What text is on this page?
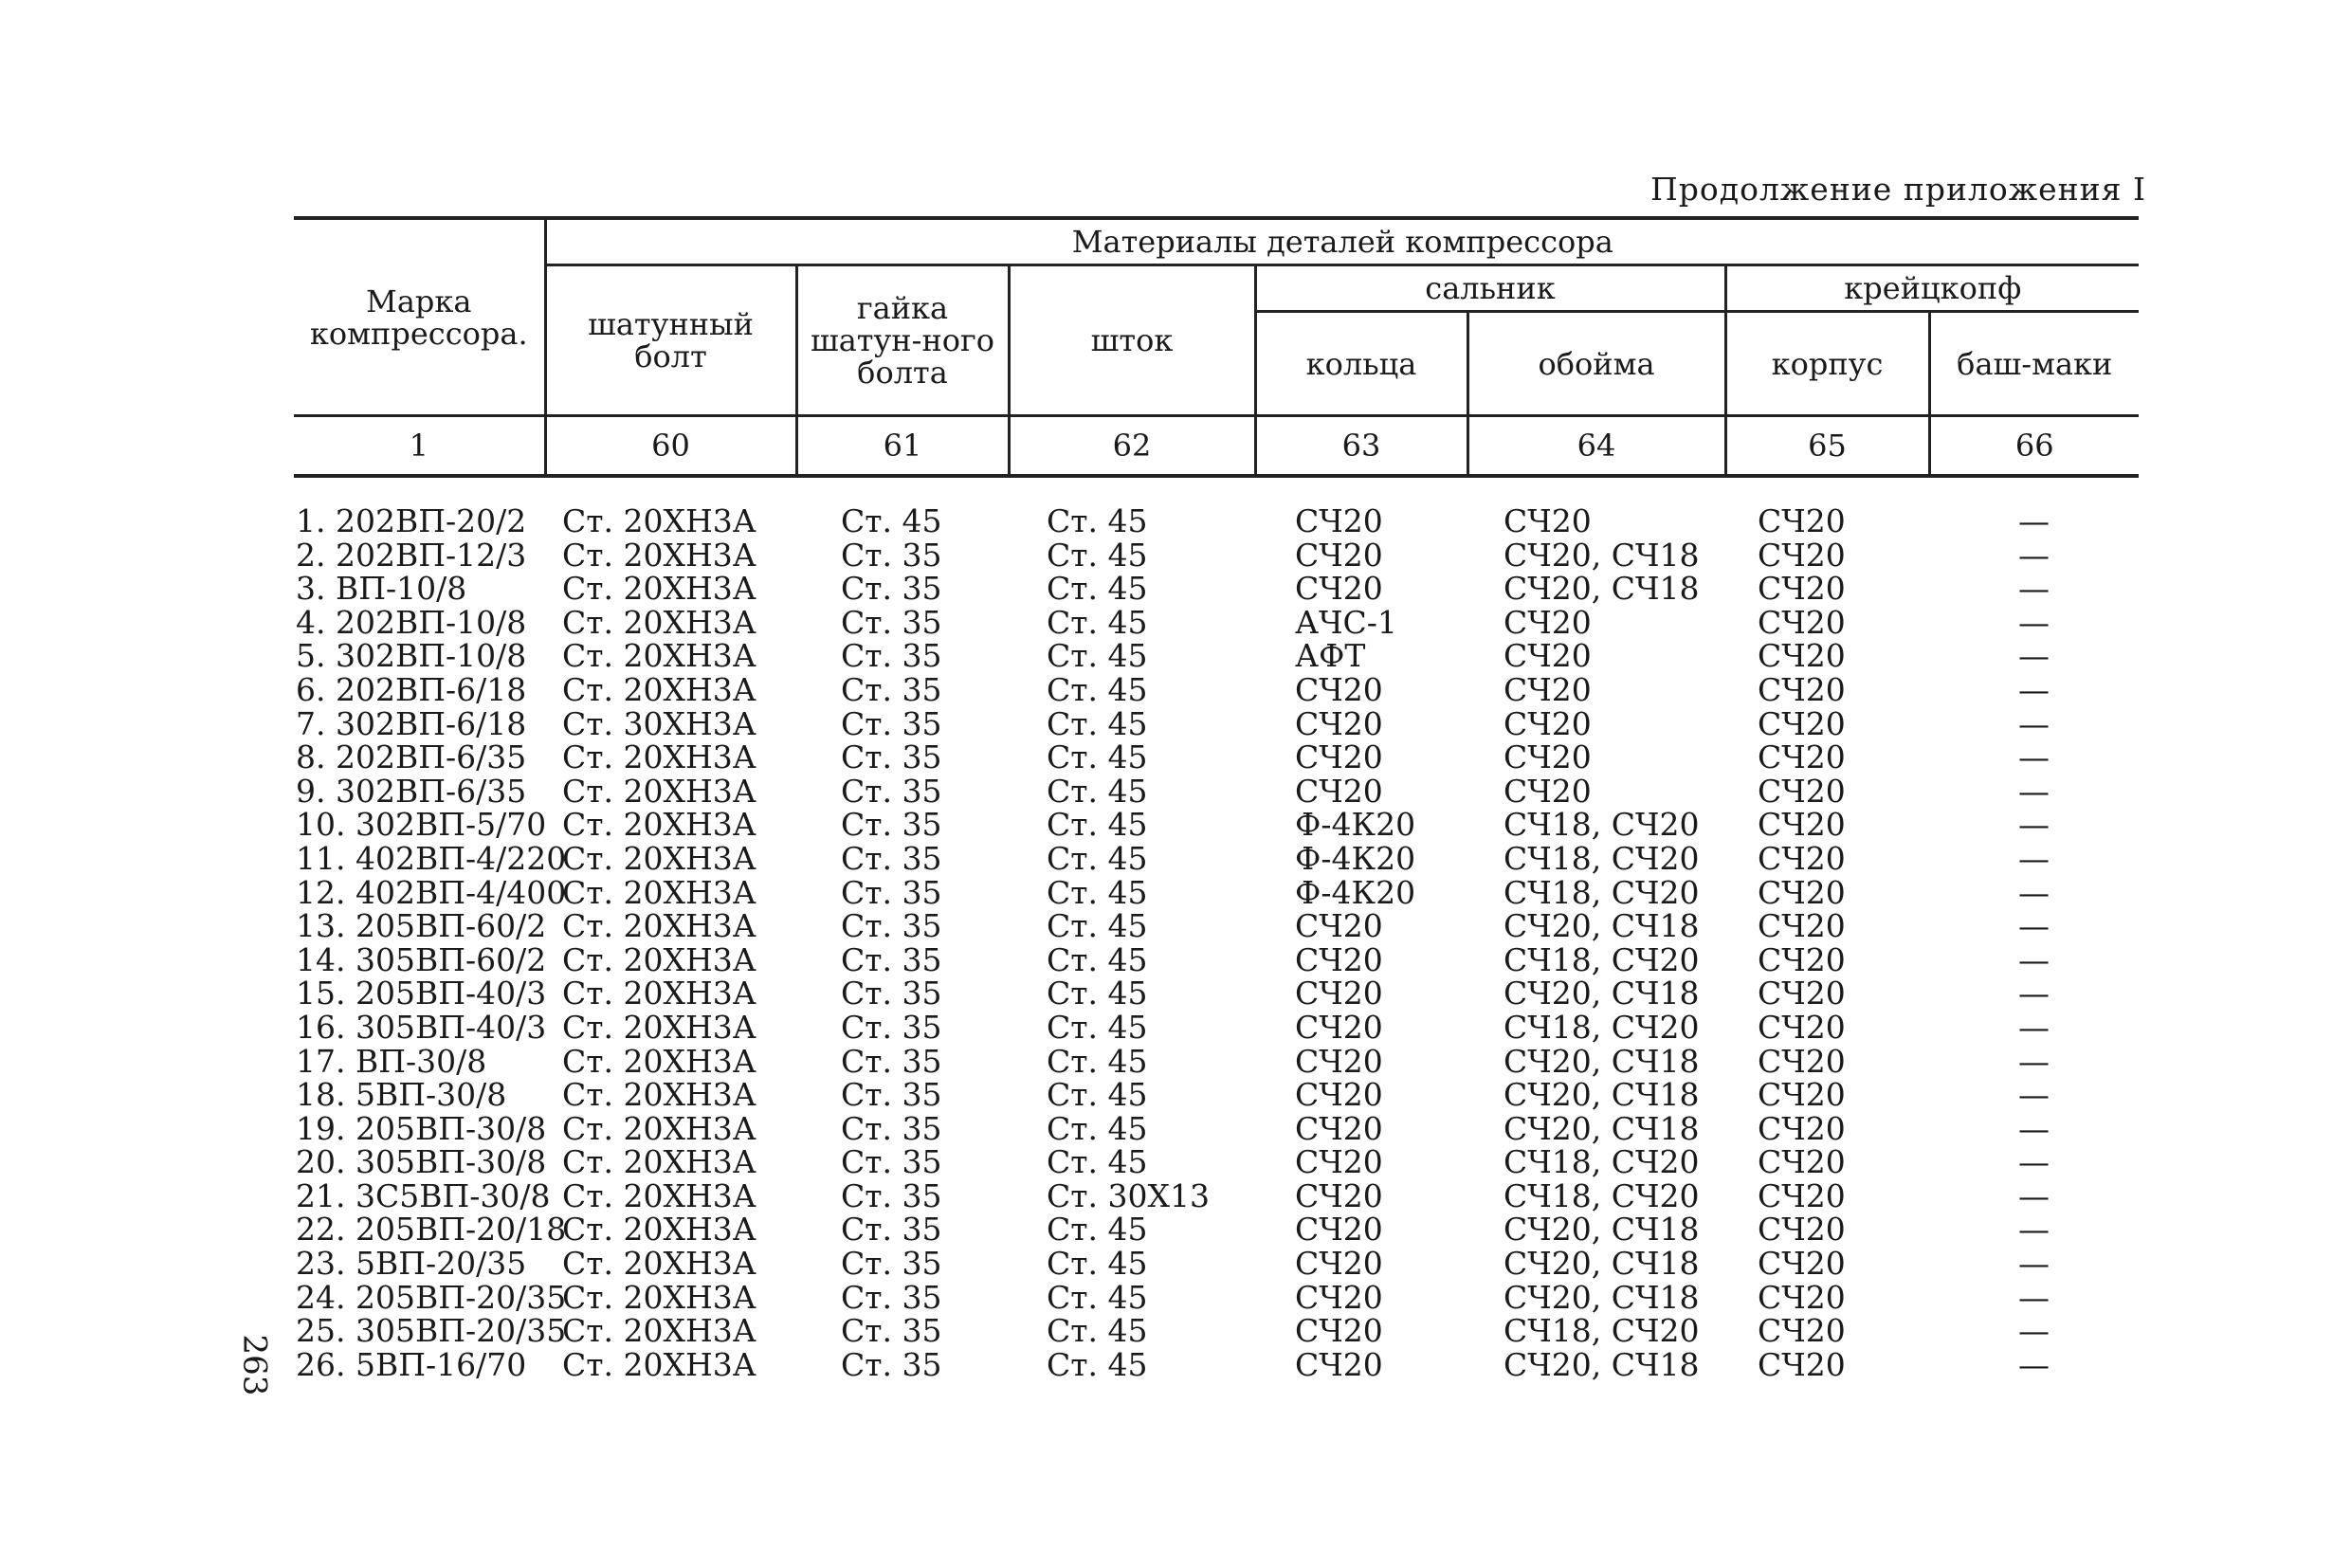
Продолжение приложения I
Марка компрессора.	Материалы деталей компрессора						
	шатунный болт	гайка шатун-ного болта	шток	сальник		крейцкопф	
				кольца	обойма	корпус	баш-маки
1	60	61	62	63	64	65	66
1. 202ВП-20/2	Ст. 20ХН3А	Ст. 45	Ст. 45	СЧ20	СЧ20	СЧ20	—
2. 202ВП-12/3	Ст. 20ХН3А	Ст. 35	Ст. 45	СЧ20	СЧ20, СЧ18	СЧ20	—
3. ВП-10/8	Ст. 20ХН3А	Ст. 35	Ст. 45	СЧ20	СЧ20, СЧ18	СЧ20	—
4. 202ВП-10/8	Ст. 20ХН3А	Ст. 35	Ст. 45	АЧС-1	СЧ20	СЧ20	—
5. 302ВП-10/8	Ст. 20ХН3А	Ст. 35	Ст. 45	АФТ	СЧ20	СЧ20	—
6. 202ВП-6/18	Ст. 20ХН3А	Ст. 35	Ст. 45	СЧ20	СЧ20	СЧ20	—
7. 302ВП-6/18	Ст. 30ХН3А	Ст. 35	Ст. 45	СЧ20	СЧ20	СЧ20	—
8. 202ВП-6/35	Ст. 20ХН3А	Ст. 35	Ст. 45	СЧ20	СЧ20	СЧ20	—
9. 302ВП-6/35	Ст. 20ХН3А	Ст. 35	Ст. 45	СЧ20	СЧ20	СЧ20	—
10. 302ВП-5/70	Ст. 20ХН3А	Ст. 35	Ст. 45	Ф-4К20	СЧ18, СЧ20	СЧ20	—
11. 402ВП-4/220	Ст. 20ХН3А	Ст. 35	Ст. 45	Ф-4К20	СЧ18, СЧ20	СЧ20	—
12. 402ВП-4/400	Ст. 20ХН3А	Ст. 35	Ст. 45	Ф-4К20	СЧ18, СЧ20	СЧ20	—
13. 205ВП-60/2	Ст. 20ХН3А	Ст. 35	Ст. 45	СЧ20	СЧ20, СЧ18	СЧ20	—
14. 305ВП-60/2	Ст. 20ХН3А	Ст. 35	Ст. 45	СЧ20	СЧ18, СЧ20	СЧ20	—
15. 205ВП-40/3	Ст. 20ХН3А	Ст. 35	Ст. 45	СЧ20	СЧ20, СЧ18	СЧ20	—
16. 305ВП-40/3	Ст. 20ХН3А	Ст. 35	Ст. 45	СЧ20	СЧ18, СЧ20	СЧ20	—
17. ВП-30/8	Ст. 20ХН3А	Ст. 35	Ст. 45	СЧ20	СЧ20, СЧ18	СЧ20	—
18. 5ВП-30/8	Ст. 20ХН3А	Ст. 35	Ст. 45	СЧ20	СЧ20, СЧ18	СЧ20	—
19. 205ВП-30/8	Ст. 20ХН3А	Ст. 35	Ст. 45	СЧ20	СЧ20, СЧ18	СЧ20	—
20. 305ВП-30/8	Ст. 20ХН3А	Ст. 35	Ст. 45	СЧ20	СЧ18, СЧ20	СЧ20	—
21. 3С5ВП-30/8	Ст. 20ХН3А	Ст. 35	Ст. 30Х13	СЧ20	СЧ18, СЧ20	СЧ20	—
22. 205ВП-20/18	Ст. 20ХН3А	Ст. 35	Ст. 45	СЧ20	СЧ20, СЧ18	СЧ20	—
23. 5ВП-20/35	Ст. 20ХН3А	Ст. 35	Ст. 45	СЧ20	СЧ20, СЧ18	СЧ20	—
24. 205ВП-20/35	Ст. 20ХН3А	Ст. 35	Ст. 45	СЧ20	СЧ20, СЧ18	СЧ20	—
25. 305ВП-20/35	Ст. 20ХН3А	Ст. 35	Ст. 45	СЧ20	СЧ18, СЧ20	СЧ20	—
26. 5ВП-16/70	Ст. 20ХН3А	Ст. 35	Ст. 45	СЧ20	СЧ20, СЧ18	СЧ20	—
263
